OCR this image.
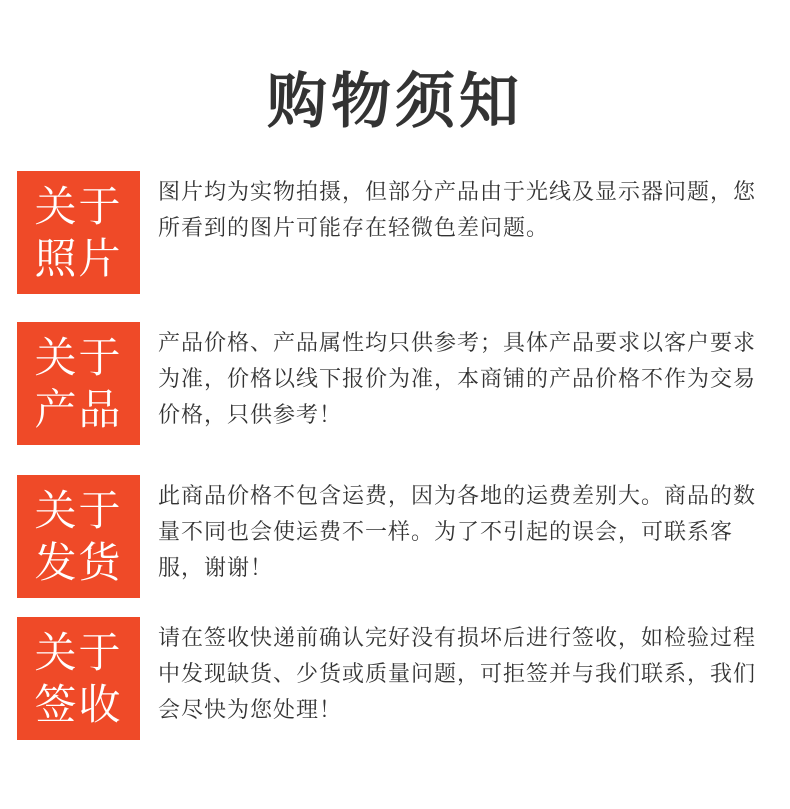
购物须知
关于
照片

图片均为实物拍摄，但部分产品由于光线及显示器问题，您所看到的图片可能存在轻微色差问题。

关于
产品

产品价格、产品属性均只供参考；具体产品要求以客户要求为准，价格以线下报价为准，本商铺的产品价格不作为交易价格，只供参考！

关于
发货

此商品价格不包含运费，因为各地的运费差别大。商品的数量不同也会使运费不一样。为了不引起的误会，可联系客服，谢谢！

关于
签收

请在签收快递前确认完好没有损坏后进行签收，如检验过程中发现缺货、少货或质量问题，可拒签并与我们联系，我们会尽快为您处理！
